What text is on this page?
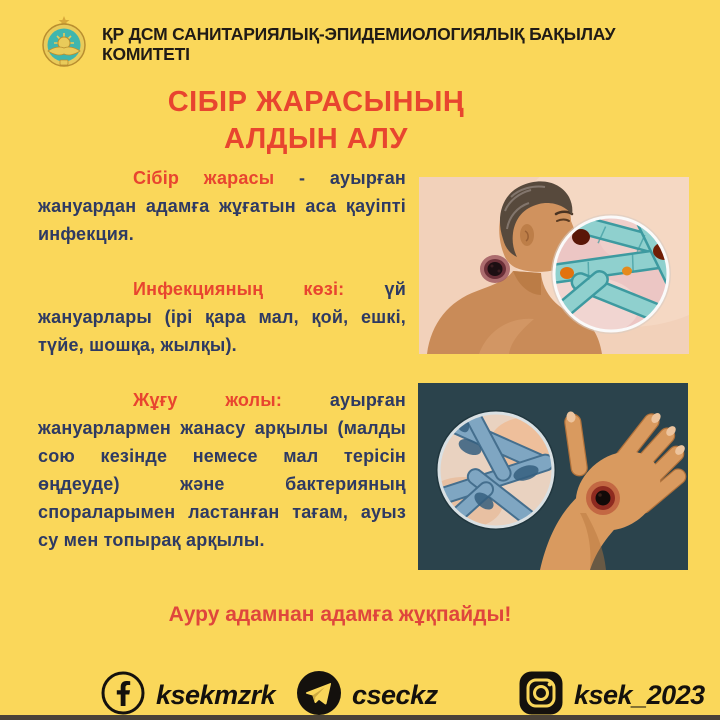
ҚР ДСМ САНИТАРИЯЛЫҚ-ЭПИДЕМИОЛОГИЯЛЫҚ БАҚЫЛАУ КОМИТЕТІ
СІБІР ЖАРАСЫНЫҢ
АЛДЫН АЛУ

Сібір жарасы - ауырған жануардан адамға жұғатын аса қауіпті инфекция.

Инфекцияның көзі: үй жануарлары (ірі қара мал, қой, ешкі, түйе, шошқа, жылқы).

Жұғу жолы: ауырған жануарлармен жанасу арқылы (малды сою кезінде немесе мал терісін өңдеуде) және бактерияның спораларымен ластанған тағам, ауыз су мен топырақ арқылы.

Ауру адамнан адамға жұқпайды!
ksekmzrk	cseckz	ksek_2023
